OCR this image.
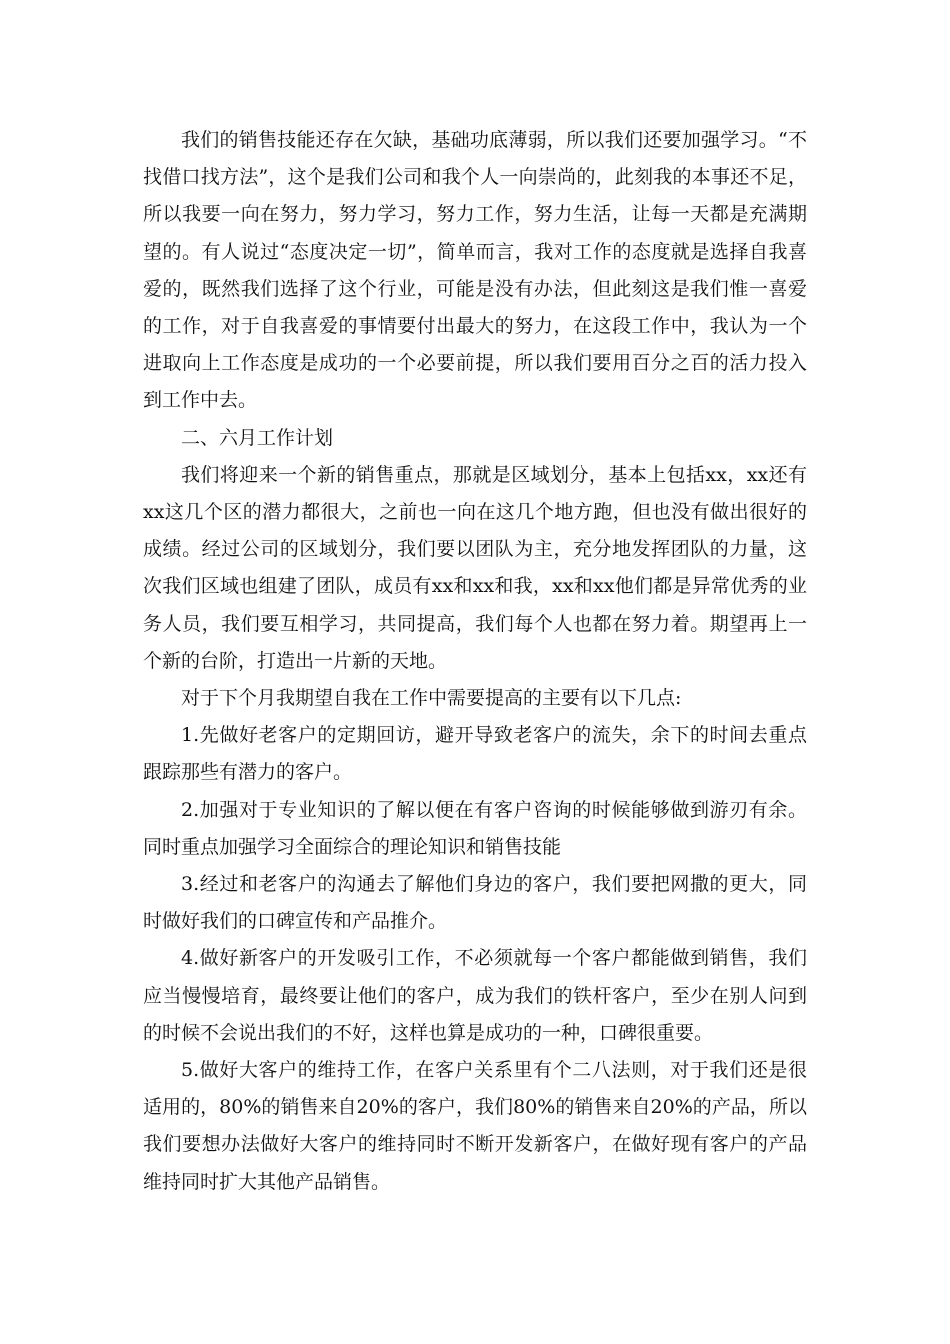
我们的销售技能还存在欠缺，基础功底薄弱，所以我们还要加强学习。“不找借口找方法”，这个是我们公司和我个人一向崇尚的，此刻我的本事还不足，所以我要一向在努力，努力学习，努力工作，努力生活，让每一天都是充满期望的。有人说过“态度决定一切”，简单而言，我对工作的态度就是选择自我喜爱的，既然我们选择了这个行业，可能是没有办法，但此刻这是我们惟一喜爱的工作，对于自我喜爱的事情要付出最大的努力，在这段工作中，我认为一个进取向上工作态度是成功的一个必要前提，所以我们要用百分之百的活力投入到工作中去。

二、六月工作计划

我们将迎来一个新的销售重点，那就是区域划分，基本上包括xx，xx还有xx这几个区的潜力都很大，之前也一向在这几个地方跑，但也没有做出很好的成绩。经过公司的区域划分，我们要以团队为主，充分地发挥团队的力量，这次我们区域也组建了团队，成员有xx和xx和我，xx和xx他们都是异常优秀的业务人员，我们要互相学习，共同提高，我们每个人也都在努力着。期望再上一个新的台阶，打造出一片新的天地。

对于下个月我期望自我在工作中需要提高的主要有以下几点:

1.先做好老客户的定期回访，避开导致老客户的流失，余下的时间去重点跟踪那些有潜力的客户。

2.加强对于专业知识的了解以便在有客户咨询的时候能够做到游刃有余。同时重点加强学习全面综合的理论知识和销售技能

3.经过和老客户的沟通去了解他们身边的客户，我们要把网撒的更大，同时做好我们的口碑宣传和产品推介。

4.做好新客户的开发吸引工作，不必须就每一个客户都能做到销售，我们应当慢慢培育，最终要让他们的客户，成为我们的铁杆客户，至少在别人问到的时候不会说出我们的不好，这样也算是成功的一种，口碑很重要。

5.做好大客户的维持工作，在客户关系里有个二八法则，对于我们还是很适用的，80%的销售来自20%的客户，我们80%的销售来自20%的产品，所以我们要想办法做好大客户的维持同时不断开发新客户，在做好现有客户的产品维持同时扩大其他产品销售。
